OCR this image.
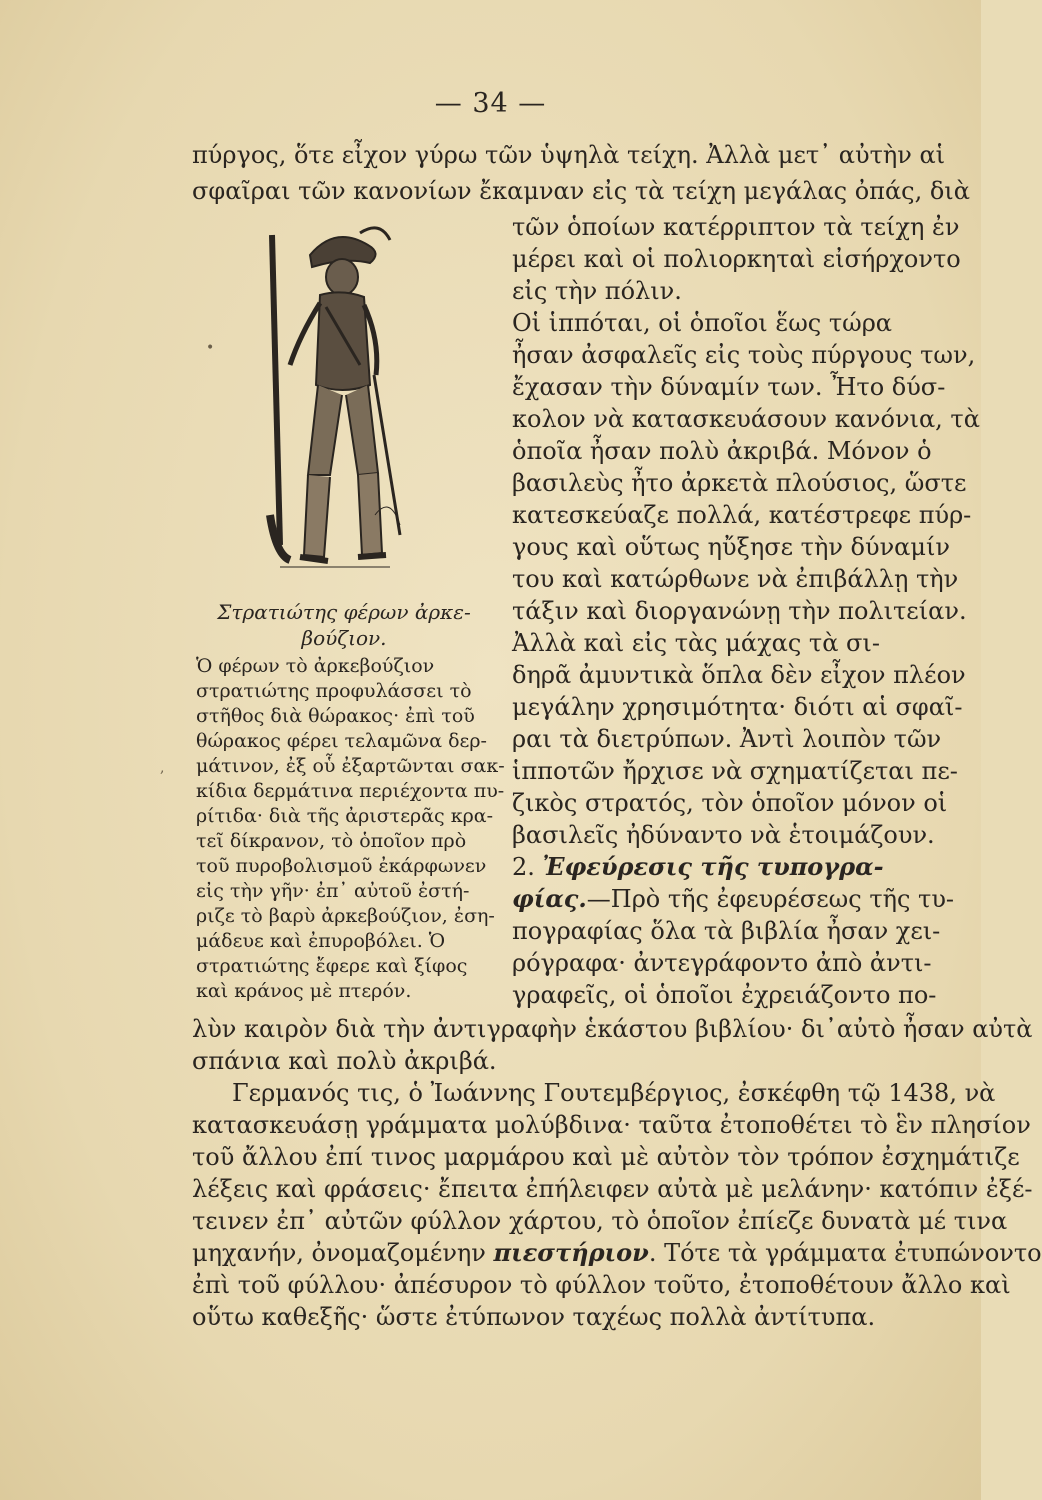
— 34 —
πύργος, ὅτε εἶχον γύρω τῶν ὑψηλὰ τείχη. Ἀλλὰ μετ᾿ αὐτὴν αἱ
σφαῖραι τῶν κανονίων ἔκαμναν εἰς τὰ τείχη μεγάλας ὀπάς, διὰ
τῶν ὁποίων κατέρριπτον τὰ τείχη ἐν
μέρει καὶ οἱ πολιορκηταὶ εἰσήρχοντο
εἰς τὴν πόλιν.
Οἱ ἱππόται, οἱ ὁποῖοι ἕως τώρα
ἦσαν ἀσφαλεῖς εἰς τοὺς πύργους των,
ἔχασαν τὴν δύναμίν των. Ἦτο δύσ-
κολον νὰ κατασκευάσουν κανόνια, τὰ
ὁποῖα ἦσαν πολὺ ἀκριβά. Μόνον ὁ
βασιλεὺς ἦτο ἀρκετὰ πλούσιος, ὥστε
κατεσκεύαζε πολλά, κατέστρεφε πύρ-
γους καὶ οὕτως ηὔξησε τὴν δύναμίν
του καὶ κατώρθωνε νὰ ἐπιβάλλῃ τὴν
τάξιν καὶ διοργανώνῃ τὴν πολιτείαν.
Ἀλλὰ καὶ εἰς τὰς μάχας τὰ σι-
δηρᾶ ἀμυντικὰ ὅπλα δὲν εἶχον πλέον
μεγάλην χρησιμότητα· διότι αἱ σφαῖ-
ραι τὰ διετρύπων. Ἀντὶ λοιπὸν τῶν
ἱπποτῶν ἤρχισε νὰ σχηματίζεται πε-
ζικὸς στρατός, τὸν ὁποῖον μόνον οἱ
βασιλεῖς ἠδύναντο νὰ ἑτοιμάζουν.
2. Ἐφεύρεσις τῆς τυπογρα-
φίας.—Πρὸ τῆς ἐφευρέσεως τῆς τυ-
πογραφίας ὅλα τὰ βιβλία ἦσαν χει-
ρόγραφα· ἀντεγράφοντο ἀπὸ ἀντι-
γραφεῖς, οἱ ὁποῖοι ἐχρειάζοντο πο-
Στρατιώτης φέρων ἀρκε-
βούζιον.
Ὁ φέρων τὸ ἀρκεβούζιον
στρατιώτης προφυλάσσει τὸ
στῆθος διὰ θώρακος· ἐπὶ τοῦ
θώρακος φέρει τελαμῶνα δερ-
μάτινον, ἐξ οὗ ἐξαρτῶνται σακ-
κίδια δερμάτινα περιέχοντα πυ-
ρίτιδα· διὰ τῆς ἀριστερᾶς κρα-
τεῖ δίκρανον, τὸ ὁποῖον πρὸ
τοῦ πυροβολισμοῦ ἐκάρφωνεν
εἰς τὴν γῆν· ἐπ᾿ αὐτοῦ ἐστή-
ριζε τὸ βαρὺ ἀρκεβούζιον, ἐση-
μάδευε καὶ ἐπυροβόλει. Ὁ
στρατιώτης ἔφερε καὶ ξίφος
καὶ κράνος μὲ πτερόν.
λὺν καιρὸν διὰ τὴν ἀντιγραφὴν ἑκάστου βιβλίου· δι᾿αὐτὸ ἦσαν αὐτὰ
σπάνια καὶ πολὺ ἀκριβά.
Γερμανός τις, ὁ Ἰωάννης Γουτεμβέργιος, ἐσκέφθη τῷ 1438, νὰ
κατασκευάσῃ γράμματα μολύβδινα· ταῦτα ἐτοποθέτει τὸ ἓν πλησίον
τοῦ ἄλλου ἐπί τινος μαρμάρου καὶ μὲ αὐτὸν τὸν τρόπον ἐσχημάτιζε
λέξεις καὶ φράσεις· ἔπειτα ἐπήλειφεν αὐτὰ μὲ μελάνην· κατόπιν ἐξέ-
τεινεν ἐπ᾿ αὐτῶν φύλλον χάρτου, τὸ ὁποῖον ἐπίεζε δυνατὰ μέ τινα
μηχανήν, ὀνομαζομένην πιεστήριον. Τότε τὰ γράμματα ἐτυπώνοντο
ἐπὶ τοῦ φύλλου· ἀπέσυρον τὸ φύλλον τοῦτο, ἐτοποθέτουν ἄλλο καὶ
οὕτω καθεξῆς· ὥστε ἐτύπωνον ταχέως πολλὰ ἀντίτυπα.
•
,
